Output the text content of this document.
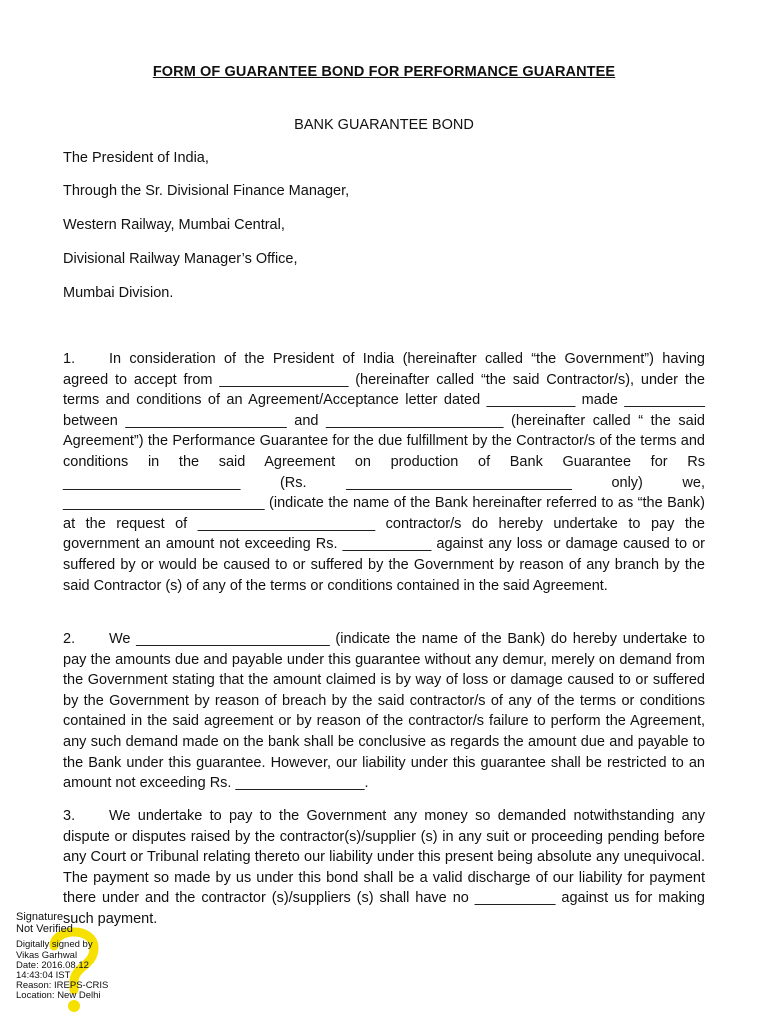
FORM OF GUARANTEE BOND FOR PERFORMANCE GUARANTEE
BANK GUARANTEE BOND
The President of India,
Through the Sr. Divisional Finance Manager,
Western Railway, Mumbai Central,
Divisional Railway Manager’s Office,
Mumbai Division.

1. In consideration of the President of India (hereinafter called “the Government”) having agreed to accept from ________________ (hereinafter called “the said Contractor/s), under the terms and conditions of an Agreement/Acceptance letter dated ___________ made __________ between ____________________ and ______________________ (hereinafter called “ the said Agreement”) the Performance Guarantee for the due fulfillment by the Contractor/s of the terms and conditions in the said Agreement on production of Bank Guarantee for Rs ______________________ (Rs. ____________________________ only) we, _________________________ (indicate the name of the Bank hereinafter referred to as “the Bank) at the request of ______________________ contractor/s do hereby undertake to pay the government an amount not exceeding Rs. ___________ against any loss or damage caused to or suffered by or would be caused to or suffered by the Government by reason of any branch by the said Contractor (s) of any of the terms or conditions contained in the said Agreement.

2. We ________________________ (indicate the name of the Bank) do hereby undertake to pay the amounts due and payable under this guarantee without any demur, merely on demand from the Government stating that the amount claimed is by way of loss or damage caused to or suffered by the Government by reason of breach by the said contractor/s of any of the terms or conditions contained in the said agreement or by reason of the contractor/s failure to perform the Agreement, any such demand made on the bank shall be conclusive as regards the amount due and payable to the Bank under this guarantee. However, our liability under this guarantee shall be restricted to an amount not exceeding Rs. ________________.

3. We undertake to pay to the Government any money so demanded notwithstanding any dispute or disputes raised by the contractor(s)/supplier (s) in any suit or proceeding pending before any Court or Tribunal relating thereto our liability under this present being absolute any unequivocal. The payment so made by us under this bond shall be a valid discharge of our liability for payment there under and the contractor (s)/suppliers (s) shall have no __________ against us for making such payment.

Signature Not Verified
Digitally signed by
Vikas Garhwal
Date: 2016.08.12
14:43:04 IST
Reason: IREPS-CRIS
Location: New Delhi
